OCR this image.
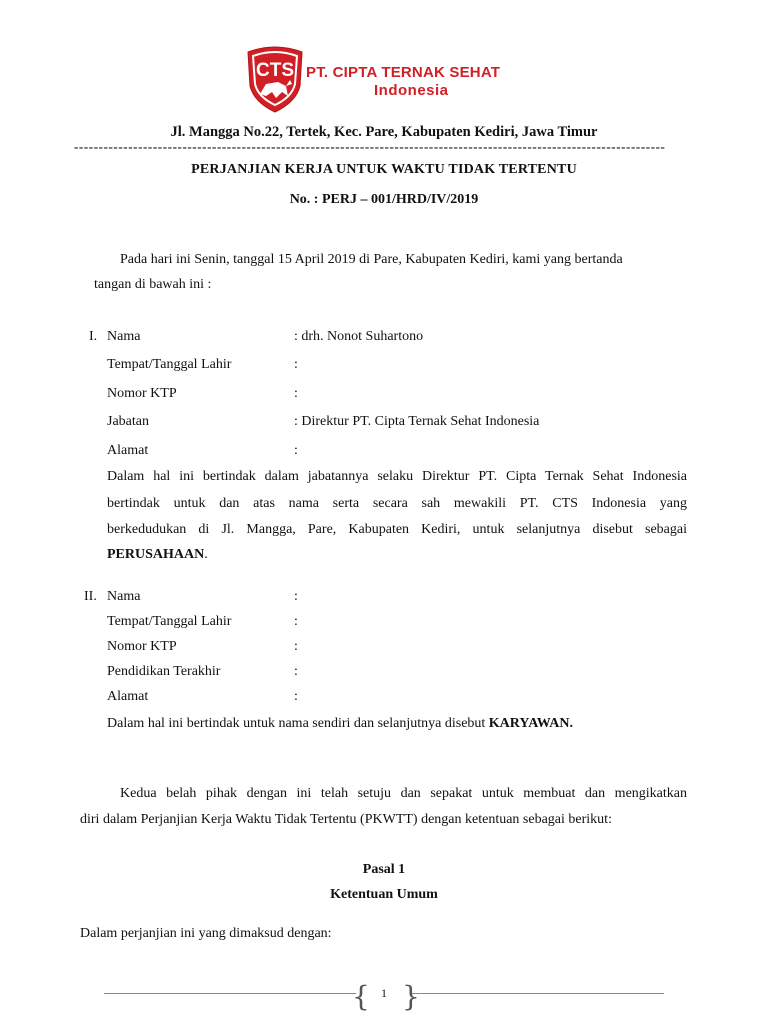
CTS PT. CIPTA TERNAK SEHAT
Indonesia
Jl. Mangga No.22, Tertek, Kec. Pare, Kabupaten Kediri, Jawa Timur
------------------------------------------------------------------------------------------------------------------------
PERJANJIAN KERJA UNTUK WAKTU TIDAK TERTENTU
No. : PERJ – 001/HRD/IV/2019
Pada hari ini Senin, tanggal 15 April 2019 di Pare, Kabupaten Kediri, kami yang bertanda
tangan di bawah ini :
I. Nama	: drh. Nonot Suhartono
Tempat/Tanggal Lahir	:
Nomor KTP	:
Jabatan	: Direktur PT. Cipta Ternak Sehat Indonesia
Alamat	:
Dalam hal ini bertindak dalam jabatannya selaku Direktur PT. Cipta Ternak Sehat Indonesia
bertindak untuk dan atas nama serta secara sah mewakili PT. CTS Indonesia yang
berkedudukan di Jl. Mangga, Pare, Kabupaten Kediri, untuk selanjutnya disebut sebagai
PERUSAHAAN.
II. Nama	:
Tempat/Tanggal Lahir	:
Nomor KTP	:
Pendidikan Terakhir	:
Alamat	:
Dalam hal ini bertindak untuk nama sendiri dan selanjutnya disebut KARYAWAN.
Kedua belah pihak dengan ini telah setuju dan sepakat untuk membuat dan mengikatkan
diri dalam Perjanjian Kerja Waktu Tidak Tertentu (PKWTT) dengan ketentuan sebagai berikut:
Pasal 1
Ketentuan Umum
Dalam perjanjian ini yang dimaksud dengan:
{ }
1
